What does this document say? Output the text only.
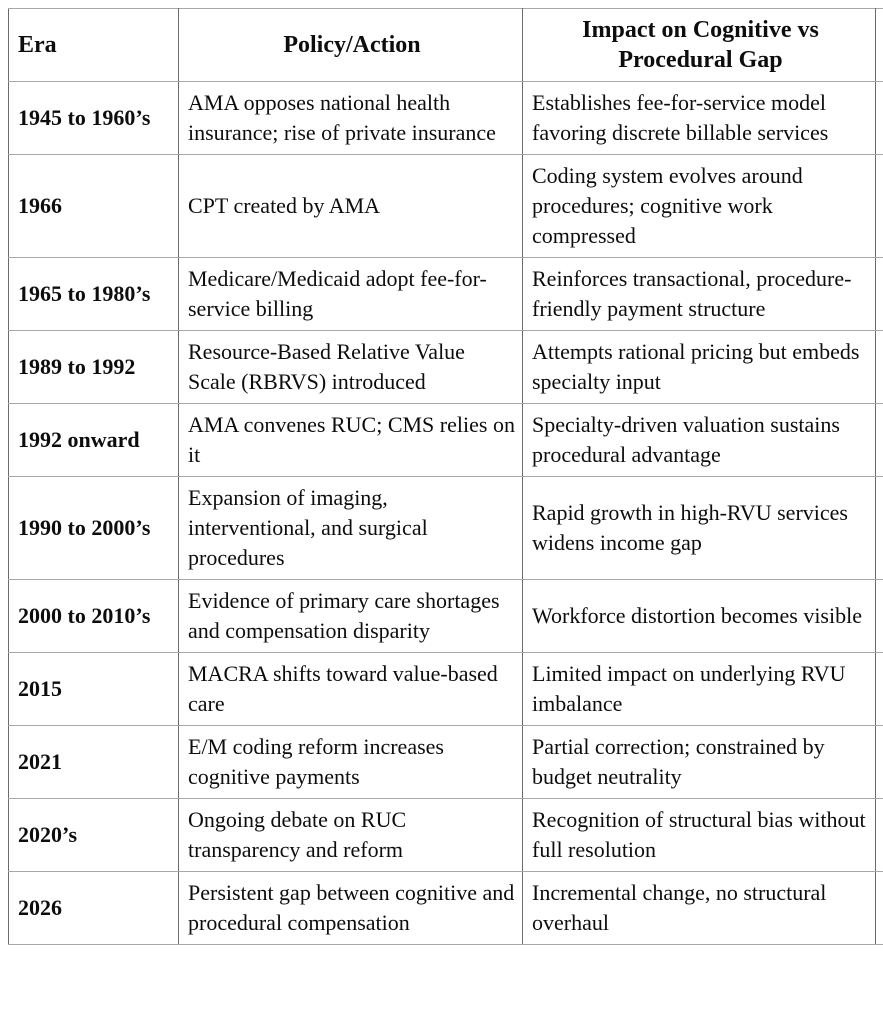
Era	Policy/Action	Impact on Cognitive vs Procedural Gap	
1945 to 1960’s	AMA opposes national health insurance; rise of private insurance	Establishes fee-for-service model favoring discrete billable services	
1966	CPT created by AMA	Coding system evolves around procedures; cognitive work compressed	
1965 to 1980’s	Medicare/Medicaid adopt fee-for-service billing	Reinforces transactional, procedure-friendly payment structure	
1989 to 1992	Resource-Based Relative Value Scale (RBRVS) introduced	Attempts rational pricing but embeds specialty input	
1992 onward	AMA convenes RUC; CMS relies on it	Specialty-driven valuation sustains procedural advantage	
1990 to 2000’s	Expansion of imaging, interventional, and surgical procedures	Rapid growth in high-RVU services widens income gap	
2000 to 2010’s	Evidence of primary care shortages and compensation disparity	Workforce distortion becomes visible	
2015	MACRA shifts toward value-based care	Limited impact on underlying RVU imbalance	
2021	E/M coding reform increases cognitive payments	Partial correction; constrained by budget neutrality	
2020’s	Ongoing debate on RUC transparency and reform	Recognition of structural bias without full resolution	
2026	Persistent gap between cognitive and procedural compensation	Incremental change, no structural overhaul	
